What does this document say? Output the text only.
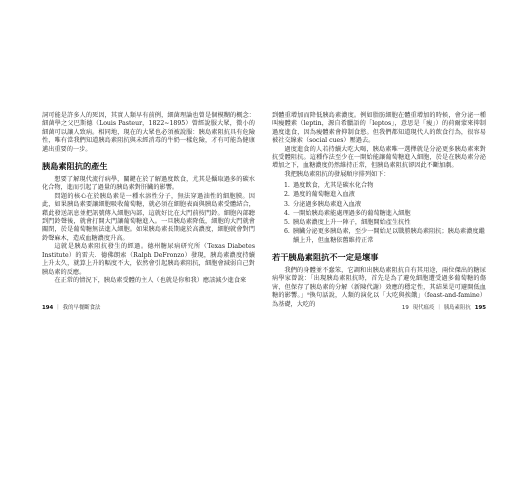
詞可能是許多人的死因，其實人類早有前例，細菌理論也曾是個模糊的概念：細菌學之父巴斯德（Louis Pasteur，1822~1895）曾經說服大眾，微小的細菌可以讓人致病。相同地，現在的大眾也必須被說服：胰島素阻抗具有危險性，唯有當我們知道胰島素阻抗與未經消毒的牛奶一樣危險，才有可能為健康邁出重要的一步。

胰島素阻抗的產生

想要了解現代流行病學，關鍵在於了解過度飲食，尤其是攝取過多的碳水化合物，進而引起了過量的胰島素對肝臟的影響。

問題的核心在於胰島素是一種水溶性分子，無法穿過油性的細胞膜。因此，如果胰島素要讓細胞吸收葡萄糖，就必須在細胞表面與胰島素受體結合，藉此發送訊息並把訊號傳入細胞內部，這就好比在大門前按門鈴。細胞內部聽到門鈴聲後，就會打開大門讓葡萄糖進入。一旦胰島素降低，細胞的大門就會關閉，於是葡萄糖無法進入細胞。如果胰島素長期處於高濃度，細胞就會對門鈴聲麻木，造成血糖濃度升高。

這就是胰島素阻抗發生的經過。德州糖尿病研究所（Texas Diabetes Institute）的雷夫．德佛朗索（Ralph DeFronzo）發現，胰島素濃度持續上升太久，就算上升的幅度不大，依然會引起胰島素阻抗，細胞會減弱自己對胰島素的反應。

在正常的情況下，胰島素受體的主人（也就是你和我）應該減少進食來

194 ｜ 我的早餐斷食法

到體重增加而降低胰島素濃度。例如脂肪細胞在體重增加的時候，會分泌一種叫瘦體素（leptin，源自希臘語的「leptos」，意思是「瘦」）的荷爾蒙來抑制過度進食，因為瘦體素會抑制食慾。但我們都知道現代人的飲食行為，很容易被社交線索（social cues）壓過去。

過度進食的人若持續大吃大喝，胰島素唯一選擇就是分泌更多胰島素來對抗受體阻抗。這種作法至少在一開始能讓葡萄糖進入細胞，於是在胰島素分泌增加之下，血糖濃度仍然維持正常，但胰島素阻抗卻因此不斷加劇。

我把胰島素阻抗的發展順序排列如下：

1. 過度飲食，尤其是碳水化合物
2. 過度的葡萄糖進入血液
3. 分泌過多胰島素進入血液
4. 一開始胰島素能處理過多的葡萄糖進入細胞
5. 胰島素濃度上升一陣子，細胞開始產生抗性
6. 胰臟分泌更多胰島素，至少一開始足以戰勝胰島素阻抗；胰島素濃度繼續上升，但血糖依舊維持正常
若干胰島素阻抗不一定是壞事

我們的身體並不蠢笨，它調和出胰島素阻抗自有其用途，兩位傑出的糖尿病學家曾說：「出現胰島素阻抗時，首先是為了避免細胞遭受過多葡萄糖的傷害，但保存了胰島素的分解（新陳代謝）效應的穩定性，其結果是可避開低血糖的影響。」⁹換句話說，人類的演化以「大吃與挨餓」（feast-and-famine）為基礎，大吃的

19 現代瘟疫 ｜ 胰島素阻抗 195
